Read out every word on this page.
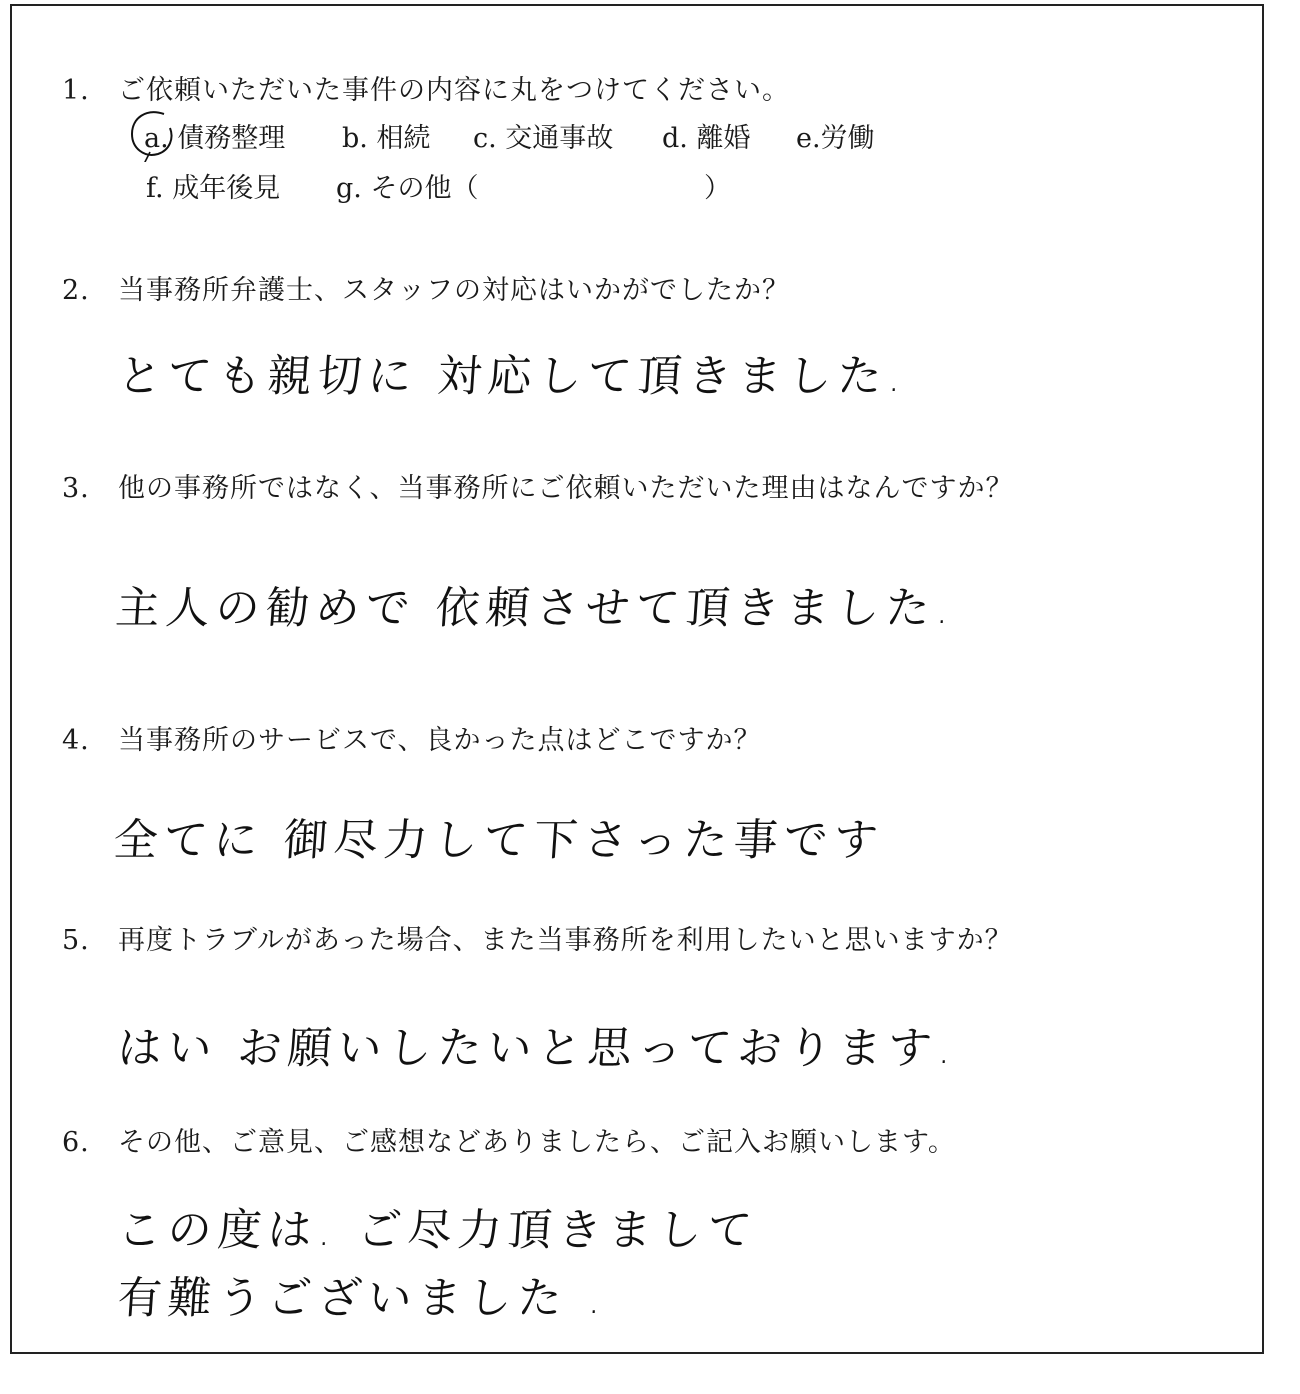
1. ご依頼いただいた事件の内容に丸をつけてください。
a. 債務整理 b. 相続 c. 交通事故 d. 離婚 e.労働
f. 成年後見 g. その他（	）
2. 当事務所弁護士、スタッフの対応はいかがでしたか？
とても親切に 対応して頂きました.
3. 他の事務所ではなく、当事務所にご依頼いただいた理由はなんですか？
主人の勧めで 依頼させて頂きました.
4. 当事務所のサービスで、良かった点はどこですか？
全てに 御尽力して下さった事です
5. 再度トラブルがあった場合、また当事務所を利用したいと思いますか？
はい お願いしたいと思っております.
6. その他、ご意見、ご感想などありましたら、ご記入お願いします。
この度は. ご尽力頂きまして
有難うございました .
